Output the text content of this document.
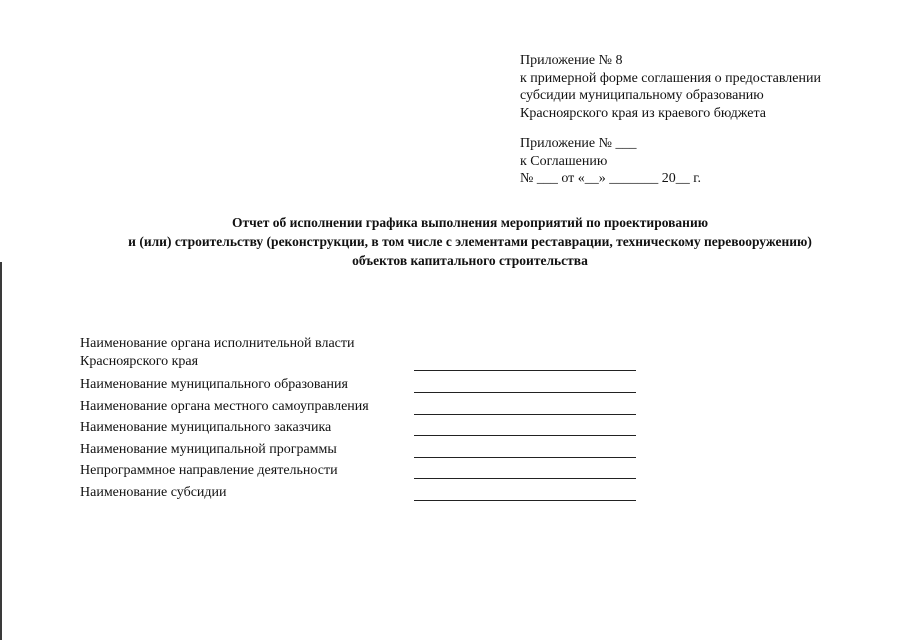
Приложение № 8
к примерной форме соглашения о предоставлении
субсидии муниципальному образованию
Красноярского края из краевого бюджета
Приложение № ___
к Соглашению
№ ___ от «__» _______ 20__ г.
Отчет об исполнении графика выполнения мероприятий по проектированию
и (или) строительству (реконструкции, в том числе с элементами реставрации, техническому перевооружению)
объектов капитального строительства
Наименование органа исполнительной власти Красноярского края
Наименование муниципального образования
Наименование органа местного самоуправления
Наименование муниципального заказчика
Наименование муниципальной программы
Непрограммное направление деятельности
Наименование субсидии
